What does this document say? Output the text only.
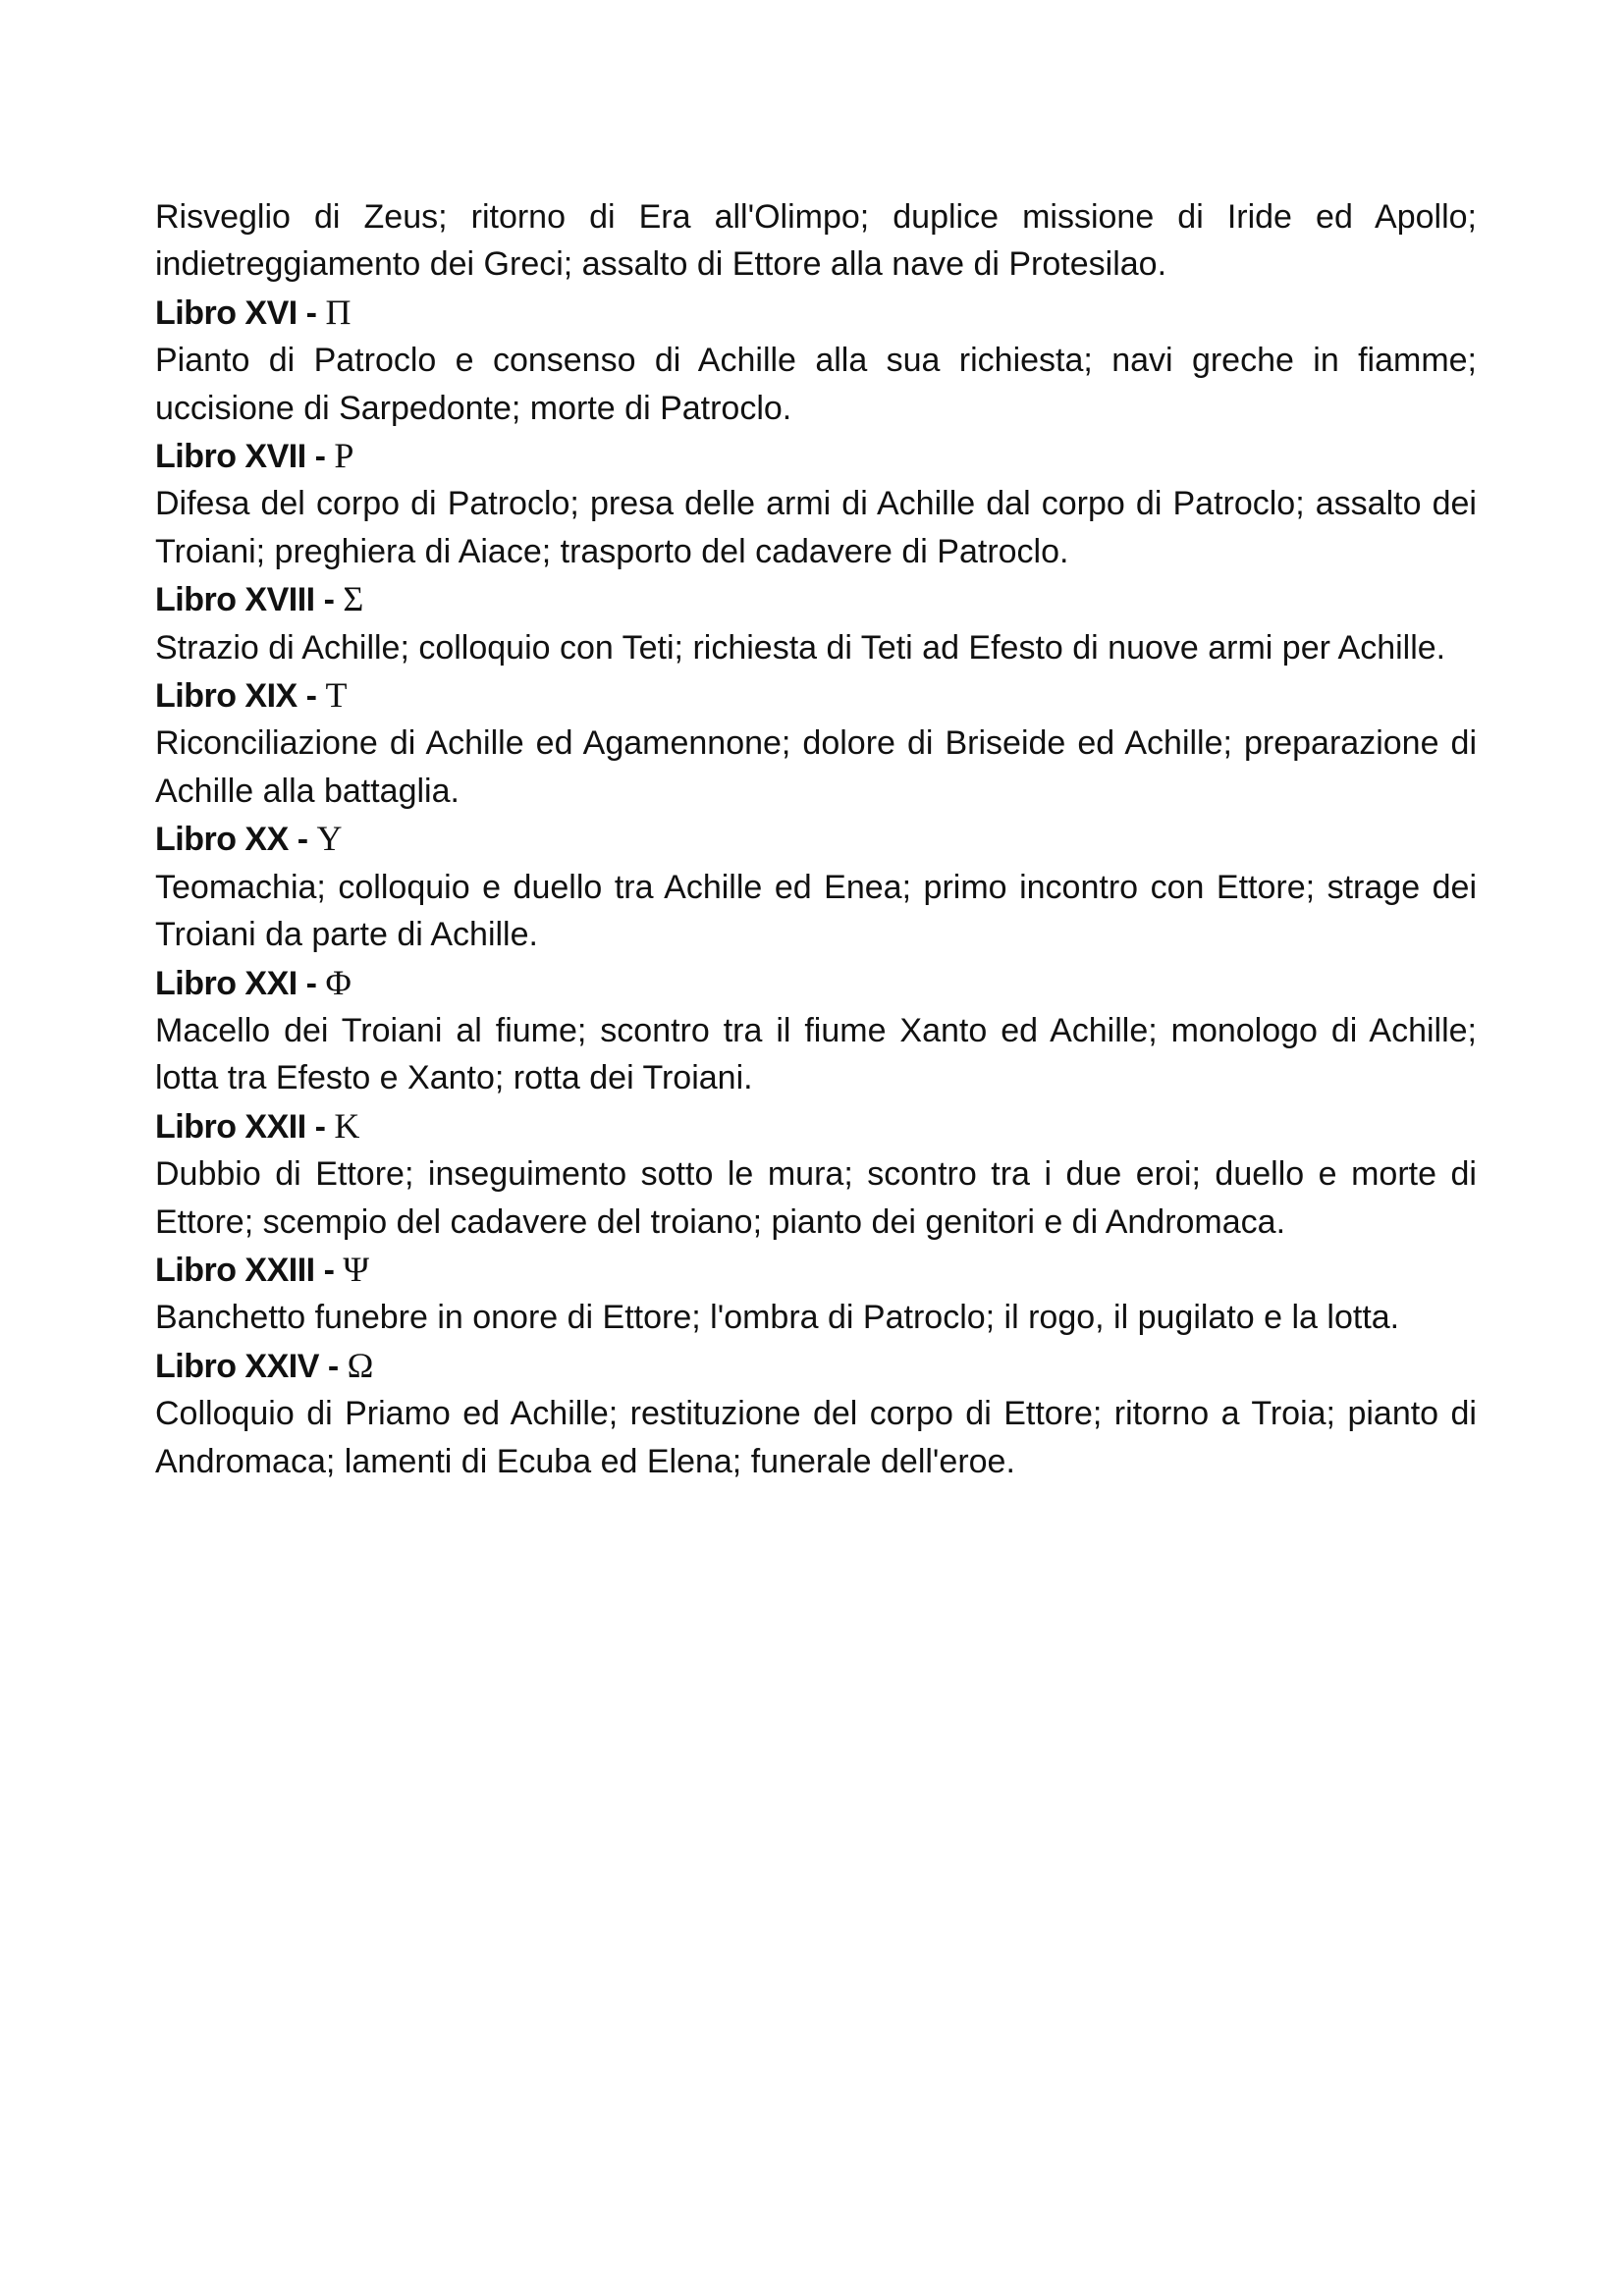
Risveglio di Zeus; ritorno di Era all'Olimpo; duplice missione di Iride ed Apollo; indietreggiamento dei Greci; assalto di Ettore alla nave di Protesilao.

Libro XVI - Π

Pianto di Patroclo e consenso di Achille alla sua richiesta; navi greche in fiamme; uccisione di Sarpedonte; morte di Patroclo.

Libro XVII - Ρ

Difesa del corpo di Patroclo; presa delle armi di Achille dal corpo di Patroclo; assalto dei Troiani; preghiera di Aiace; trasporto del cadavere di Patroclo.

Libro XVIII - Σ

Strazio di Achille; colloquio con Teti; richiesta di Teti ad Efesto di nuove armi per Achille.

Libro XIX - Τ

Riconciliazione di Achille ed Agamennone; dolore di Briseide ed Achille; preparazione di Achille alla battaglia.

Libro XX - Υ

Teomachia; colloquio e duello tra Achille ed Enea; primo incontro con Ettore; strage dei Troiani da parte di Achille.

Libro XXI - Φ

Macello dei Troiani al fiume; scontro tra il fiume Xanto ed Achille; monologo di Achille; lotta tra Efesto e Xanto; rotta dei Troiani.

Libro XXII - Κ

Dubbio di Ettore; inseguimento sotto le mura; scontro tra i due eroi; duello e morte di Ettore; scempio del cadavere del troiano; pianto dei genitori e di Andromaca.

Libro XXIII - Ψ

Banchetto funebre in onore di Ettore; l'ombra di Patroclo; il rogo, il pugilato e la lotta.

Libro XXIV - Ω

Colloquio di Priamo ed Achille; restituzione del corpo di Ettore; ritorno a Troia; pianto di Andromaca; lamenti di Ecuba ed Elena; funerale dell'eroe.
